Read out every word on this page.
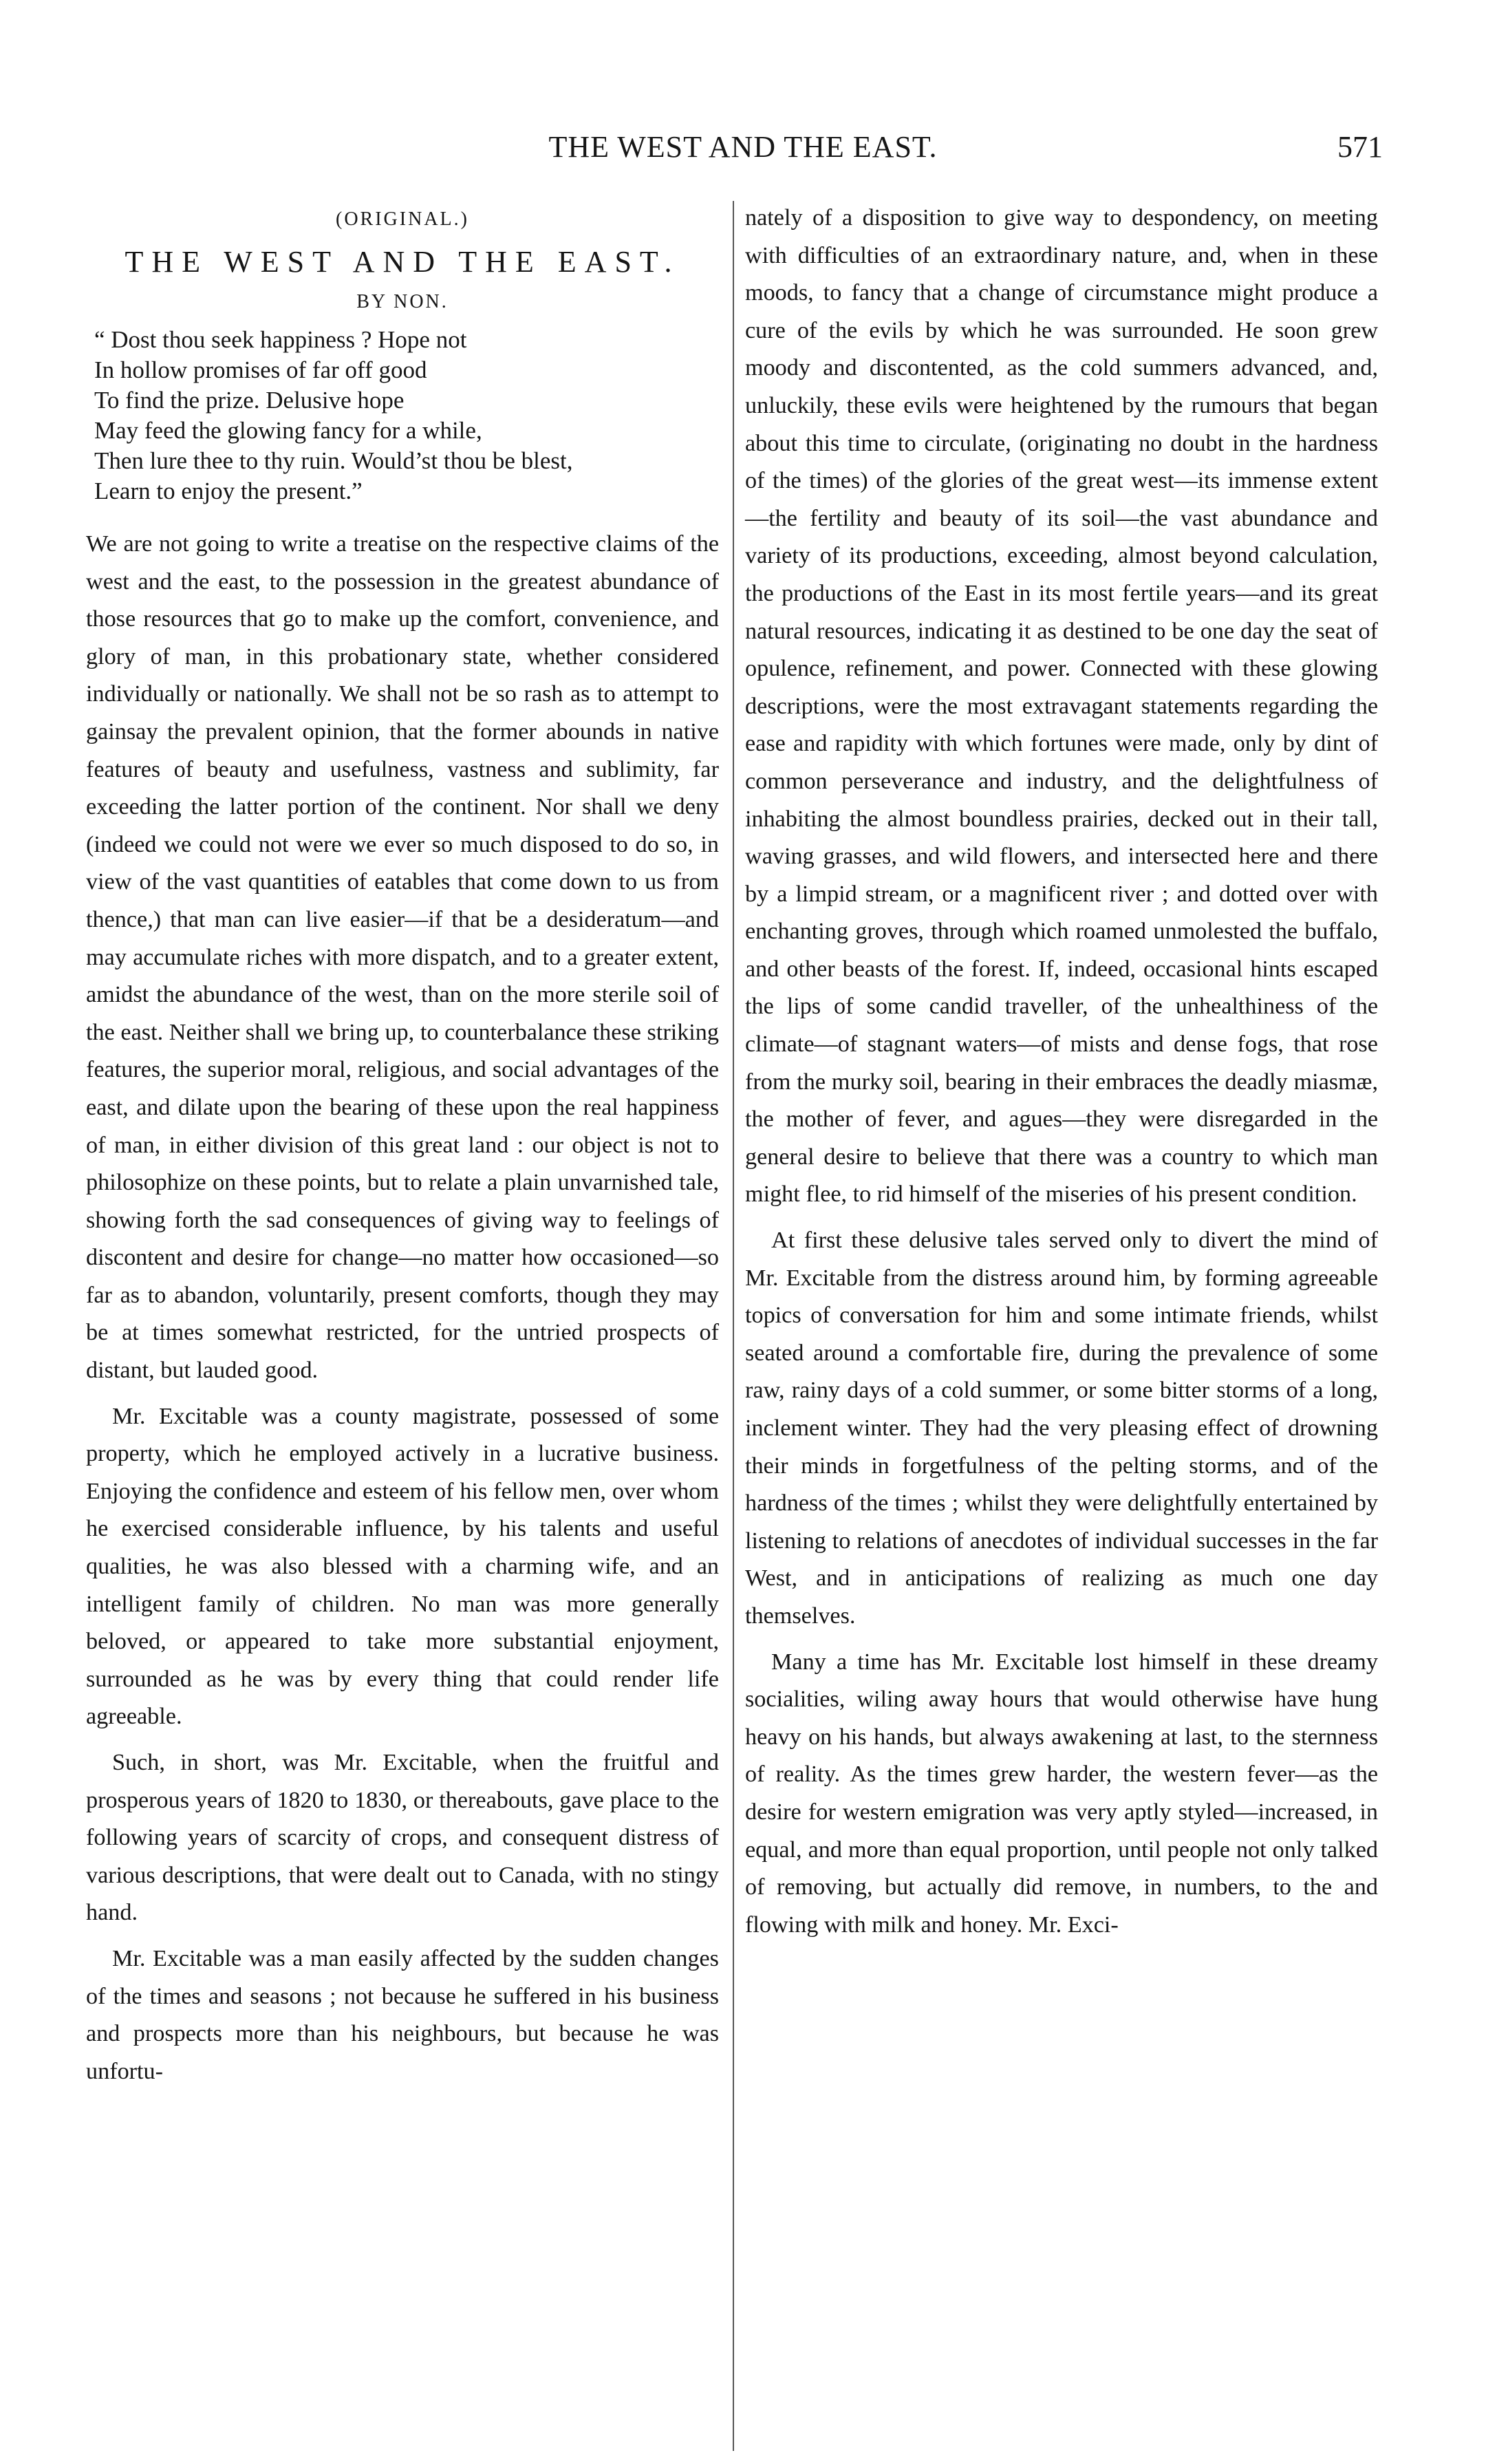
THE WEST AND THE EAST.	571
(ORIGINAL.)
THE WEST AND THE EAST.
BY NON.
“ Dost thou seek happiness ? Hope not
In hollow promises of far off good
To find the prize. Delusive hope
May feed the glowing fancy for a while,
Then lure thee to thy ruin. Would’st thou be blest,
Learn to enjoy the present.”

We are not going to write a treatise on the respective claims of the west and the east, to the possession in the greatest abundance of those resources that go to make up the comfort, convenience, and glory of man, in this probationary state, whether considered individually or nationally. We shall not be so rash as to attempt to gainsay the prevalent opinion, that the former abounds in native features of beauty and usefulness, vastness and sublimity, far exceeding the latter portion of the continent. Nor shall we deny (indeed we could not were we ever so much disposed to do so, in view of the vast quantities of eatables that come down to us from thence,) that man can live easier—if that be a desideratum—and may accumulate riches with more dispatch, and to a greater extent, amidst the abundance of the west, than on the more sterile soil of the east. Neither shall we bring up, to counterbalance these striking features, the superior moral, religious, and social advantages of the east, and dilate upon the bearing of these upon the real happiness of man, in either division of this great land : our object is not to philosophize on these points, but to relate a plain unvarnished tale, showing forth the sad consequences of giving way to feelings of discontent and desire for change—no matter how occasioned—so far as to abandon, voluntarily, present comforts, though they may be at times somewhat restricted, for the untried prospects of distant, but lauded good.

Mr. Excitable was a county magistrate, possessed of some property, which he employed actively in a lucrative business. Enjoying the confidence and esteem of his fellow men, over whom he exercised considerable influence, by his talents and useful qualities, he was also blessed with a charming wife, and an intelligent family of children. No man was more generally beloved, or appeared to take more substantial enjoyment, surrounded as he was by every thing that could render life agreeable.

Such, in short, was Mr. Excitable, when the fruitful and prosperous years of 1820 to 1830, or thereabouts, gave place to the following years of scarcity of crops, and consequent distress of various descriptions, that were dealt out to Canada, with no stingy hand.

Mr. Excitable was a man easily affected by the sudden changes of the times and seasons ; not because he suffered in his business and prospects more than his neighbours, but because he was unfortu-

nately of a disposition to give way to despondency, on meeting with difficulties of an extraordinary nature, and, when in these moods, to fancy that a change of circumstance might produce a cure of the evils by which he was surrounded. He soon grew moody and discontented, as the cold summers advanced, and, unluckily, these evils were heightened by the rumours that began about this time to circulate, (originating no doubt in the hardness of the times) of the glories of the great west—its immense extent—the fertility and beauty of its soil—the vast abundance and variety of its productions, exceeding, almost beyond calculation, the productions of the East in its most fertile years—and its great natural resources, indicating it as destined to be one day the seat of opulence, refinement, and power. Connected with these glowing descriptions, were the most extravagant statements regarding the ease and rapidity with which fortunes were made, only by dint of common perseverance and industry, and the delightfulness of inhabiting the almost boundless prairies, decked out in their tall, waving grasses, and wild flowers, and intersected here and there by a limpid stream, or a magnificent river ; and dotted over with enchanting groves, through which roamed unmolested the buffalo, and other beasts of the forest. If, indeed, occasional hints escaped the lips of some candid traveller, of the unhealthiness of the climate—of stagnant waters—of mists and dense fogs, that rose from the murky soil, bearing in their embraces the deadly miasmæ, the mother of fever, and agues—they were disregarded in the general desire to believe that there was a country to which man might flee, to rid himself of the miseries of his present condition.

At first these delusive tales served only to divert the mind of Mr. Excitable from the distress around him, by forming agreeable topics of conversation for him and some intimate friends, whilst seated around a comfortable fire, during the prevalence of some raw, rainy days of a cold summer, or some bitter storms of a long, inclement winter. They had the very pleasing effect of drowning their minds in forgetfulness of the pelting storms, and of the hardness of the times ; whilst they were delightfully entertained by listening to relations of anecdotes of individual successes in the far West, and in anticipations of realizing as much one day themselves.

Many a time has Mr. Excitable lost himself in these dreamy socialities, wiling away hours that would otherwise have hung heavy on his hands, but always awakening at last, to the sternness of reality. As the times grew harder, the western fever—as the desire for western emigration was very aptly styled—increased, in equal, and more than equal proportion, until people not only talked of removing, but actually did remove, in numbers, to the and flowing with milk and honey. Mr. Exci-
